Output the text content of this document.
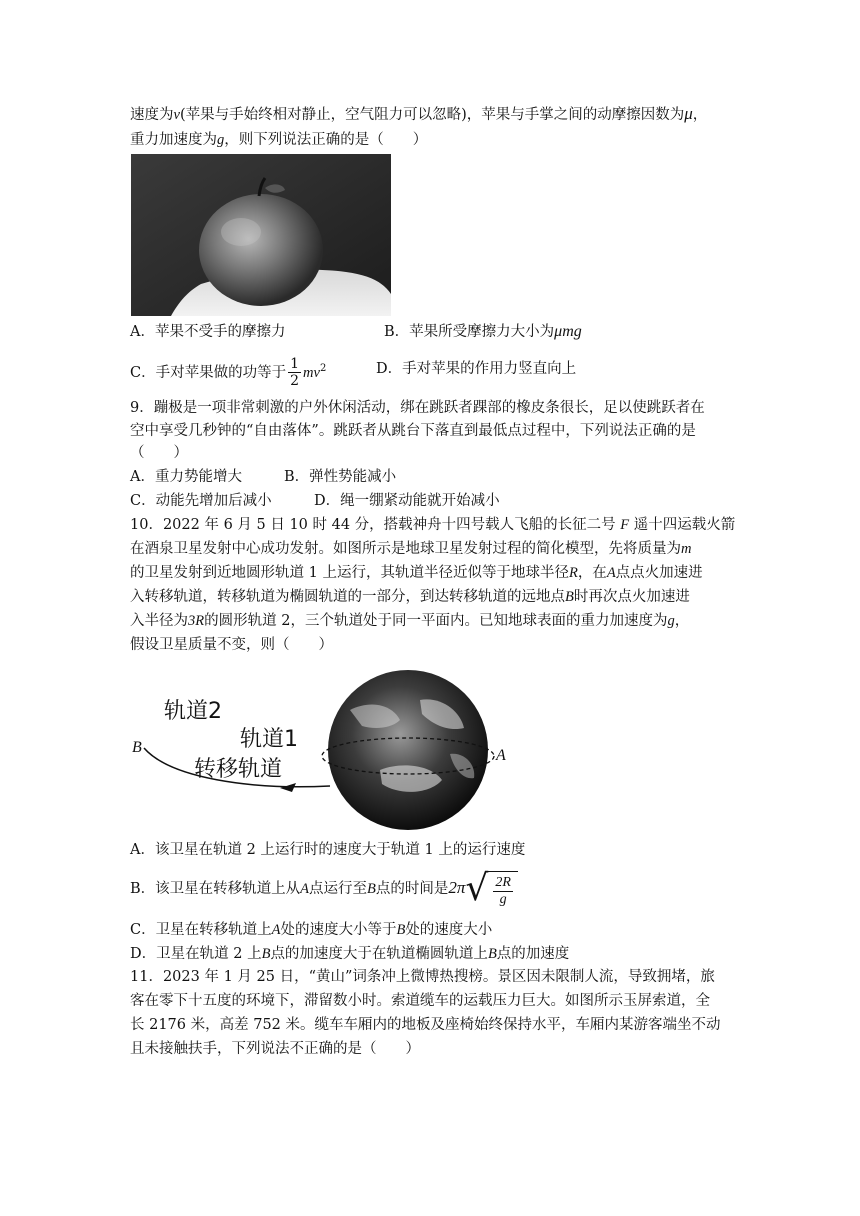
速度为v(苹果与手始终相对静止，空气阻力可以忽略)，苹果与手掌之间的动摩擦因数为μ，
重力加速度为g，则下列说法正确的是（　　）
A．苹果不受手的摩擦力	B．苹果所受摩擦力大小为μmg
C．手对苹果做的功等于 $\frac{1}{2} mv^2$	D．手对苹果的作用力竖直向上
9．蹦极是一项非常刺激的户外休闲活动，绑在跳跃者踝部的橡皮条很长，足以使跳跃者在
空中享受几秒钟的“自由落体”。跳跃者从跳台下落直到最低点过程中，下列说法正确的是
（　　）
A．重力势能增大	B．弹性势能减小
C．动能先增加后减小	D．绳一绷紧动能就开始减小
10．2022 年 6 月 5 日 10 时 44 分，搭载神舟十四号载人飞船的长征二号 F 遥十四运载火箭
在酒泉卫星发射中心成功发射。如图所示是地球卫星发射过程的简化模型，先将质量为m
的卫星发射到近地圆形轨道 1 上运行，其轨道半径近似等于地球半径R，在A点点火加速进
入转移轨道，转移轨道为椭圆轨道的一部分，到达转移轨道的远地点B时再次点火加速进
入半径为3R的圆形轨道 2，三个轨道处于同一平面内。已知地球表面的重力加速度为g，
假设卫星质量不变，则（　　）
轨道2
轨道1
转移轨道
B	A
A．该卫星在轨道 2 上运行时的速度大于轨道 1 上的运行速度
B．该卫星在转移轨道上从A点运行至B点的时间是2π √ $\frac{2R}{g}$
C．卫星在转移轨道上A处的速度大小等于B处的速度大小
D．卫星在轨道 2 上B点的加速度大于在轨道椭圆轨道上B点的加速度
11．2023 年 1 月 25 日，“黄山”词条冲上微博热搜榜。景区因未限制人流，导致拥堵，旅
客在零下十五度的环境下，滞留数小时。索道缆车的运载压力巨大。如图所示玉屏索道，全
长 2176 米，高差 752 米。缆车车厢内的地板及座椅始终保持水平，车厢内某游客端坐不动
且未接触扶手，下列说法不正确的是（　　）
